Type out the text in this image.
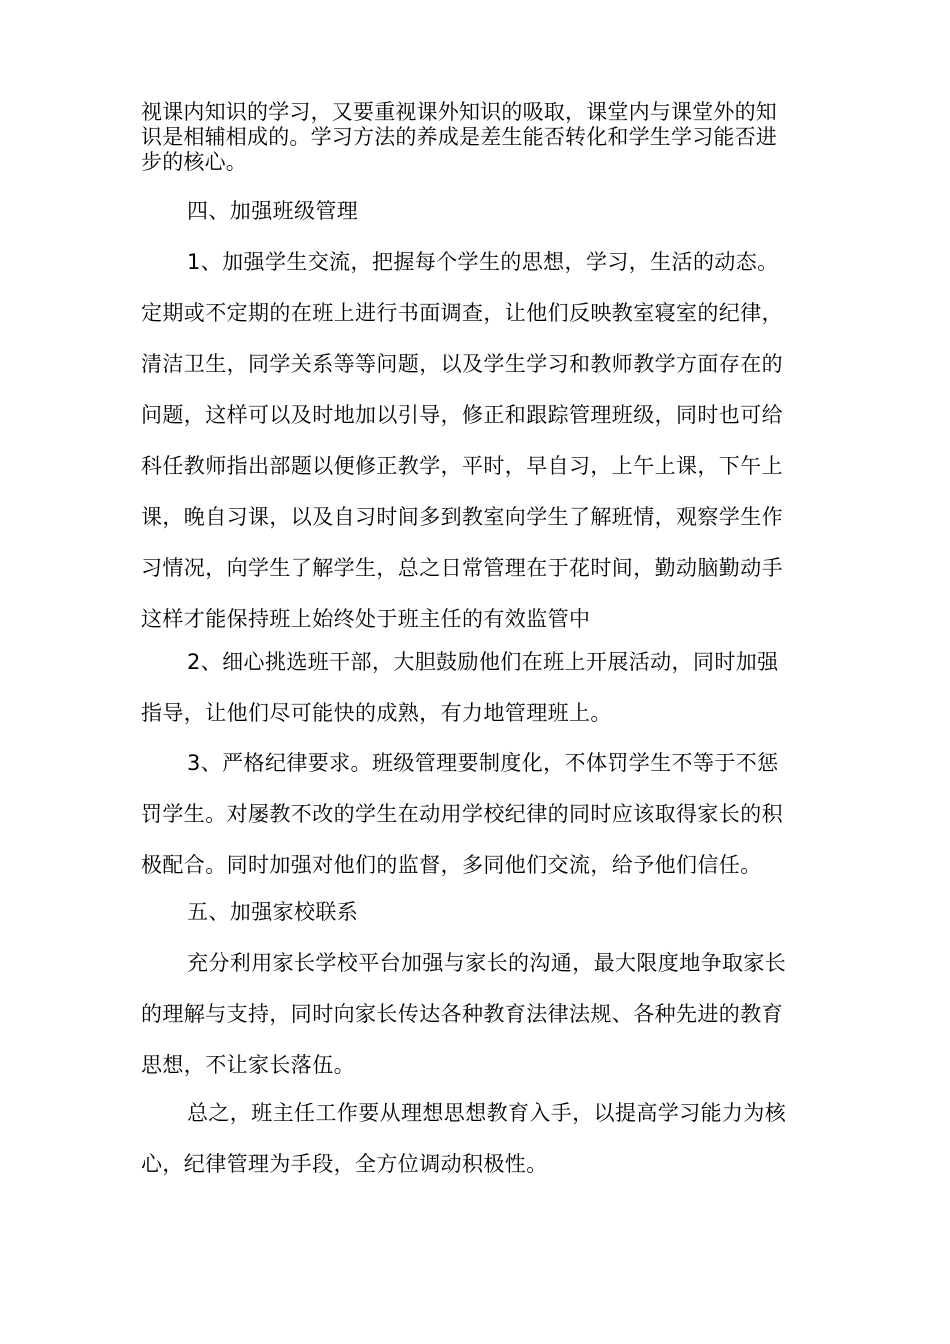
视课内知识的学习，又要重视课外知识的吸取，课堂内与课堂外的知
识是相辅相成的。学习方法的养成是差生能否转化和学生学习能否进
步的核心。
四、加强班级管理
1、加强学生交流，把握每个学生的思想，学习，生活的动态。
定期或不定期的在班上进行书面调查，让他们反映教室寝室的纪律，
清洁卫生，同学关系等等问题，以及学生学习和教师教学方面存在的
问题，这样可以及时地加以引导，修正和跟踪管理班级，同时也可给
科任教师指出部题以便修正教学，平时，早自习，上午上课，下午上
课，晚自习课，以及自习时间多到教室向学生了解班情，观察学生作
习情况，向学生了解学生，总之日常管理在于花时间，勤动脑勤动手
这样才能保持班上始终处于班主任的有效监管中
2、细心挑选班干部，大胆鼓励他们在班上开展活动，同时加强
指导，让他们尽可能快的成熟，有力地管理班上。
3、严格纪律要求。班级管理要制度化，不体罚学生不等于不惩
罚学生。对屡教不改的学生在动用学校纪律的同时应该取得家长的积
极配合。同时加强对他们的监督，多同他们交流，给予他们信任。
五、加强家校联系
充分利用家长学校平台加强与家长的沟通，最大限度地争取家长
的理解与支持，同时向家长传达各种教育法律法规、各种先进的教育
思想，不让家长落伍。
总之，班主任工作要从理想思想教育入手，以提高学习能力为核
心，纪律管理为手段，全方位调动积极性。
